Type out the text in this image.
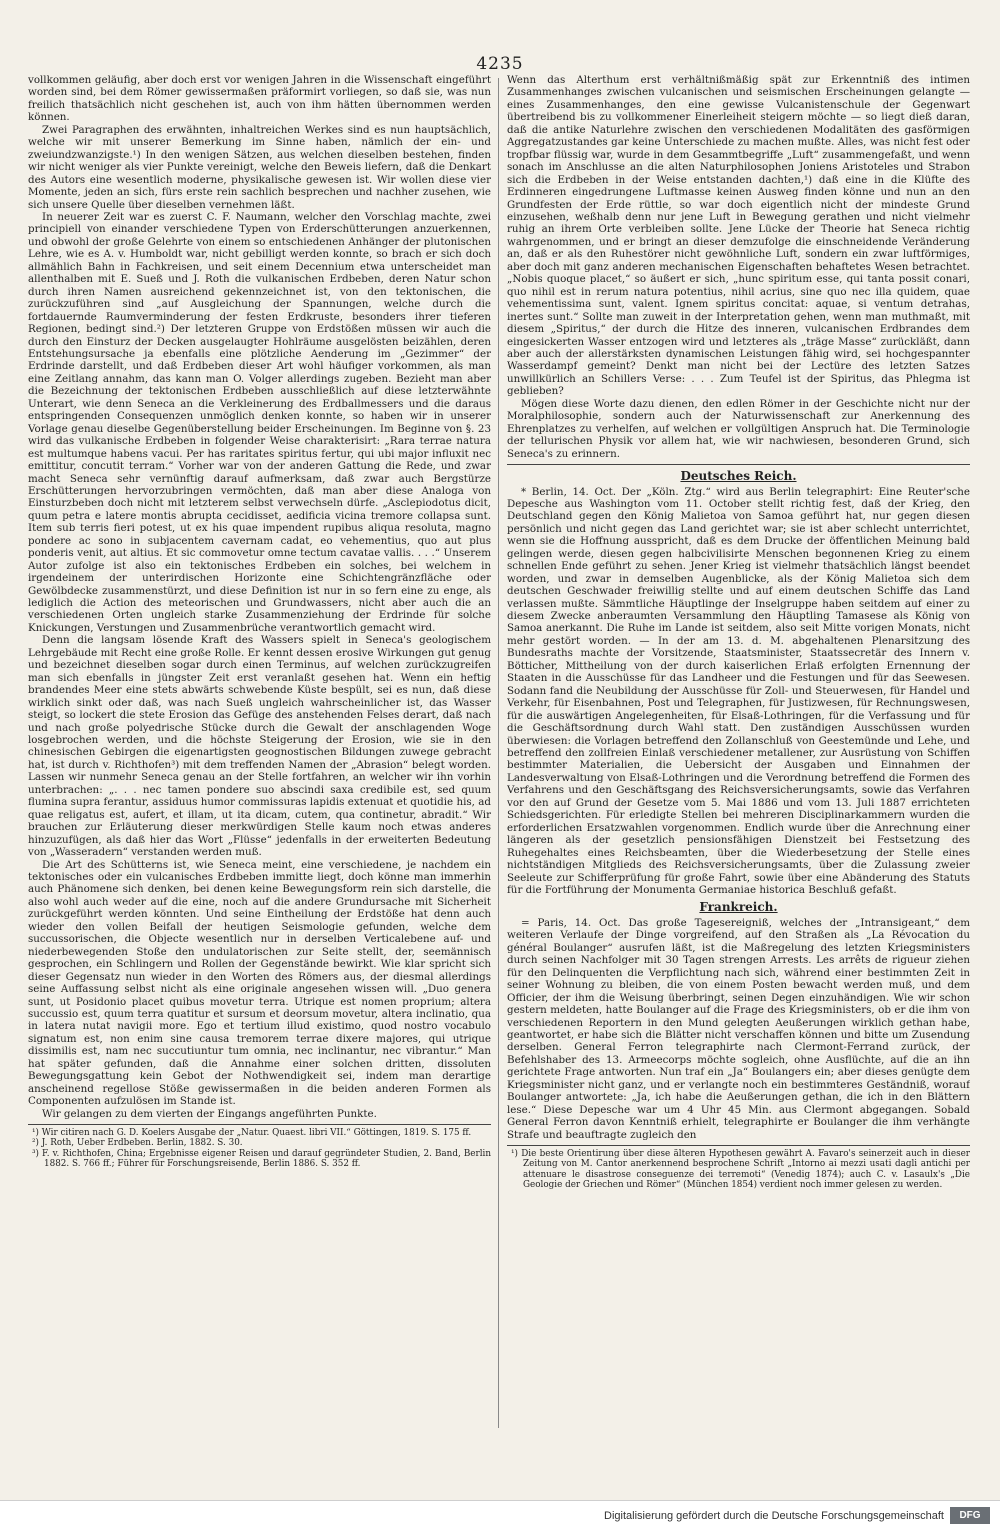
4235

vollkommen geläufig, aber doch erst vor wenigen Jahren in die Wissenschaft eingeführt worden sind, bei dem Römer gewissermaßen präformirt vorliegen, so daß sie, was nun freilich thatsächlich nicht geschehen ist, auch von ihm hätten übernommen werden können.

Zwei Paragraphen des erwähnten, inhaltreichen Werkes sind es nun hauptsächlich, welche wir mit unserer Bemerkung im Sinne haben, nämlich der ein- und zweiundzwanzigste.¹) In den wenigen Sätzen, aus welchen dieselben bestehen, finden wir nicht weniger als vier Punkte vereinigt, welche den Beweis liefern, daß die Denkart des Autors eine wesentlich moderne, physikalische gewesen ist. Wir wollen diese vier Momente, jeden an sich, fürs erste rein sachlich besprechen und nachher zusehen, wie sich unsere Quelle über dieselben vernehmen läßt.

In neuerer Zeit war es zuerst C. F. Naumann, welcher den Vorschlag machte, zwei principiell von einander verschiedene Typen von Erderschütterungen anzuerkennen, und obwohl der große Gelehrte von einem so entschiedenen Anhänger der plutonischen Lehre, wie es A. v. Humboldt war, nicht gebilligt werden konnte, so brach er sich doch allmählich Bahn in Fachkreisen, und seit einem Decennium etwa unterscheidet man allenthalben mit E. Sueß und J. Roth die vulkanischen Erdbeben, deren Natur schon durch ihren Namen ausreichend gekennzeichnet ist, von den tektonischen, die zurückzuführen sind „auf Ausgleichung der Spannungen, welche durch die fortdauernde Raumverminderung der festen Erdkruste, besonders ihrer tieferen Regionen, bedingt sind.²) Der letzteren Gruppe von Erdstößen müssen wir auch die durch den Einsturz der Decken ausgelaugter Hohlräume ausgelösten beizählen, deren Entstehungsursache ja ebenfalls eine plötzliche Aenderung im „Gezimmer“ der Erdrinde darstellt, und daß Erdbeben dieser Art wohl häufiger vorkommen, als man eine Zeitlang annahm, das kann man O. Volger allerdings zugeben. Bezieht man aber die Bezeichnung der tektonischen Erdbeben ausschließlich auf diese letzterwähnte Unterart, wie denn Seneca an die Verkleinerung des Erdballmessers und die daraus entspringenden Consequenzen unmöglich denken konnte, so haben wir in unserer Vorlage genau dieselbe Gegenüberstellung beider Erscheinungen. Im Beginne von §. 23 wird das vulkanische Erdbeben in folgender Weise charakterisirt: „Rara terrae natura est multumque habens vacui. Per has raritates spiritus fertur, qui ubi major influxit nec emittitur, concutit terram.“ Vorher war von der anderen Gattung die Rede, und zwar macht Seneca sehr vernünftig darauf aufmerksam, daß zwar auch Bergstürze Erschütterungen hervorzubringen vermöchten, daß man aber diese Analoga von Einsturzbeben doch nicht mit letzterem selbst verwechseln dürfe. „Asclepiodotus dicit, quum petra e latere montis abrupta cecidisset, aedificia vicina tremore collapsa sunt. Item sub terris fieri potest, ut ex his quae impendent rupibus aliqua resoluta, magno pondere ac sono in subjacentem cavernam cadat, eo vehementius, quo aut plus ponderis venit, aut altius. Et sic commovetur omne tectum cavatae vallis. . . .“ Unserem Autor zufolge ist also ein tektonisches Erdbeben ein solches, bei welchem in irgendeinem der unterirdischen Horizonte eine Schichtengränzfläche oder Gewölbdecke zusammenstürzt, und diese Definition ist nur in so fern eine zu enge, als lediglich die Action des meteorischen und Grundwassers, nicht aber auch die an verschiedenen Orten ungleich starke Zusammenziehung der Erdrinde für solche Knickungen, Verstungen und Zusammenbrüche verantwortlich gemacht wird.

Denn die langsam lösende Kraft des Wassers spielt in Seneca's geologischem Lehrgebäude mit Recht eine große Rolle. Er kennt dessen erosive Wirkungen gut genug und bezeichnet dieselben sogar durch einen Terminus, auf welchen zurückzugreifen man sich ebenfalls in jüngster Zeit erst veranlaßt gesehen hat. Wenn ein heftig brandendes Meer eine stets abwärts schwebende Küste bespült, sei es nun, daß diese wirklich sinkt oder daß, was nach Sueß ungleich wahrscheinlicher ist, das Wasser steigt, so lockert die stete Erosion das Gefüge des anstehenden Felses derart, daß nach und nach große polyedrische Stücke durch die Gewalt der anschlagenden Woge losgebrochen werden, und die höchste Steigerung der Erosion, wie sie in den chinesischen Gebirgen die eigenartigsten geognostischen Bildungen zuwege gebracht hat, ist durch v. Richthofen³) mit dem treffenden Namen der „Abrasion“ belegt worden. Lassen wir nunmehr Seneca genau an der Stelle fortfahren, an welcher wir ihn vorhin unterbrachen: „. . . nec tamen pondere suo abscindi saxa credibile est, sed quum flumina supra ferantur, assiduus humor commissuras lapidis extenuat et quotidie his, ad quae religatus est, aufert, et illam, ut ita dicam, cutem, qua continetur, abradit.“ Wir brauchen zur Erläuterung dieser merkwürdigen Stelle kaum noch etwas anderes hinzuzufügen, als daß hier das Wort „Flüsse“ jedenfalls in der erweiterten Bedeutung von „Wasseradern“ verstanden werden muß.

Die Art des Schütterns ist, wie Seneca meint, eine verschiedene, je nachdem ein tektonisches oder ein vulcanisches Erdbeben immitte liegt, doch könne man immerhin auch Phänomene sich denken, bei denen keine Bewegungsform rein sich darstelle, die also wohl auch weder auf die eine, noch auf die andere Grundursache mit Sicherheit zurückgeführt werden könnten. Und seine Eintheilung der Erdstöße hat denn auch wieder den vollen Beifall der heutigen Seismologie gefunden, welche dem succussorischen, die Objecte wesentlich nur in derselben Verticalebene auf- und niederbewegenden Stoße den undulatorischen zur Seite stellt, der, seemännisch gesprochen, ein Schlingern und Rollen der Gegenstände bewirkt. Wie klar spricht sich dieser Gegensatz nun wieder in den Worten des Römers aus, der diesmal allerdings seine Auffassung selbst nicht als eine originale angesehen wissen will. „Duo genera sunt, ut Posidonio placet quibus movetur terra. Utrique est nomen proprium; altera succussio est, quum terra quatitur et sursum et deorsum movetur, altera inclinatio, qua in latera nutat navigii more. Ego et tertium illud existimo, quod nostro vocabulo signatum est, non enim sine causa tremorem terrae dixere majores, qui utrique dissimilis est, nam nec succutiuntur tum omnia, nec inclinantur, nec vibrantur.“ Man hat später gefunden, daß die Annahme einer solchen dritten, dissoluten Bewegungsgattung kein Gebot der Nothwendigkeit sei, indem man derartige anscheinend regellose Stöße gewissermaßen in die beiden anderen Formen als Componenten aufzulösen im Stande ist.

Wir gelangen zu dem vierten der Eingangs angeführten Punkte.

¹) Wir citiren nach G. D. Koelers Ausgabe der „Natur. Quaest. libri VII.“ Göttingen, 1819. S. 175 ff.
²) J. Roth, Ueber Erdbeben. Berlin, 1882. S. 30.
³) F. v. Richthofen, China; Ergebnisse eigener Reisen und darauf gegründeter Studien, 2. Band, Berlin 1882. S. 766 ff.; Führer für Forschungsreisende, Berlin 1886. S. 352 ff.

Wenn das Alterthum erst verhältnißmäßig spät zur Erkenntniß des intimen Zusammenhanges zwischen vulcanischen und seismischen Erscheinungen gelangte — eines Zusammenhanges, den eine gewisse Vulcanistenschule der Gegenwart übertreibend bis zu vollkommener Einerleiheit steigern möchte — so liegt dieß daran, daß die antike Naturlehre zwischen den verschiedenen Modalitäten des gasförmigen Aggregatzustandes gar keine Unterschiede zu machen mußte. Alles, was nicht fest oder tropfbar flüssig war, wurde in dem Gesammtbegriffe „Luft“ zusammengefaßt, und wenn sonach im Anschlusse an die alten Naturphilosophen Joniens Aristoteles und Strabon sich die Erdbeben in der Weise entstanden dachten,¹) daß eine in die Klüfte des Erdinneren eingedrungene Luftmasse keinen Ausweg finden könne und nun an den Grundfesten der Erde rüttle, so war doch eigentlich nicht der mindeste Grund einzusehen, weßhalb denn nur jene Luft in Bewegung gerathen und nicht vielmehr ruhig an ihrem Orte verbleiben sollte. Jene Lücke der Theorie hat Seneca richtig wahrgenommen, und er bringt an dieser demzufolge die einschneidende Veränderung an, daß er als den Ruhestörer nicht gewöhnliche Luft, sondern ein zwar luftförmiges, aber doch mit ganz anderen mechanischen Eigenschaften behaftetes Wesen betrachtet. „Nobis quoque placet,“ so äußert er sich, „hunc spiritum esse, qui tanta possit conari, quo nihil est in rerum natura potentius, nihil acrius, sine quo nec illa quidem, quae vehementissima sunt, valent. Ignem spiritus concitat: aquae, si ventum detrahas, inertes sunt.“ Sollte man zuweit in der Interpretation gehen, wenn man muthmaßt, mit diesem „Spiritus,“ der durch die Hitze des inneren, vulcanischen Erdbrandes dem eingesickerten Wasser entzogen wird und letzteres als „träge Masse“ zurückläßt, dann aber auch der allerstärksten dynamischen Leistungen fähig wird, sei hochgespannter Wasserdampf gemeint? Denkt man nicht bei der Lectüre des letzten Satzes unwillkürlich an Schillers Verse: . . . Zum Teufel ist der Spiritus, das Phlegma ist geblieben?

Mögen diese Worte dazu dienen, den edlen Römer in der Geschichte nicht nur der Moralphilosophie, sondern auch der Naturwissenschaft zur Anerkennung des Ehrenplatzes zu verhelfen, auf welchen er vollgültigen Anspruch hat. Die Terminologie der tellurischen Physik vor allem hat, wie wir nachwiesen, besonderen Grund, sich Seneca's zu erinnern.

Deutsches Reich.

* Berlin, 14. Oct. Der „Köln. Ztg.“ wird aus Berlin telegraphirt: Eine Reuter'sche Depesche aus Washington vom 11. October stellt richtig fest, daß der Krieg, den Deutschland gegen den König Malietoa von Samoa geführt hat, nur gegen diesen persönlich und nicht gegen das Land gerichtet war; sie ist aber schlecht unterrichtet, wenn sie die Hoffnung ausspricht, daß es dem Drucke der öffentlichen Meinung bald gelingen werde, diesen gegen halbcivilisirte Menschen begonnenen Krieg zu einem schnellen Ende geführt zu sehen. Jener Krieg ist vielmehr thatsächlich längst beendet worden, und zwar in demselben Augenblicke, als der König Malietoa sich dem deutschen Geschwader freiwillig stellte und auf einem deutschen Schiffe das Land verlassen mußte. Sämmtliche Häuptlinge der Inselgruppe haben seitdem auf einer zu diesem Zwecke anberaumten Versammlung den Häuptling Tamasese als König von Samoa anerkannt. Die Ruhe im Lande ist seitdem, also seit Mitte vorigen Monats, nicht mehr gestört worden. — In der am 13. d. M. abgehaltenen Plenarsitzung des Bundesraths machte der Vorsitzende, Staatsminister, Staatssecretär des Innern v. Bötticher, Mittheilung von der durch kaiserlichen Erlaß erfolgten Ernennung der Staaten in die Ausschüsse für das Landheer und die Festungen und für das Seewesen. Sodann fand die Neubildung der Ausschüsse für Zoll- und Steuerwesen, für Handel und Verkehr, für Eisenbahnen, Post und Telegraphen, für Justizwesen, für Rechnungswesen, für die auswärtigen Angelegenheiten, für Elsaß-Lothringen, für die Verfassung und für die Geschäftsordnung durch Wahl statt. Den zuständigen Ausschüssen wurden überwiesen: die Vorlagen betreffend den Zollanschluß von Geestemünde und Lehe, und betreffend den zollfreien Einlaß verschiedener metallener, zur Ausrüstung von Schiffen bestimmter Materialien, die Uebersicht der Ausgaben und Einnahmen der Landesverwaltung von Elsaß-Lothringen und die Verordnung betreffend die Formen des Verfahrens und den Geschäftsgang des Reichsversicherungsamts, sowie das Verfahren vor den auf Grund der Gesetze vom 5. Mai 1886 und vom 13. Juli 1887 errichteten Schiedsgerichten. Für erledigte Stellen bei mehreren Disciplinarkammern wurden die erforderlichen Ersatzwahlen vorgenommen. Endlich wurde über die Anrechnung einer längeren als der gesetzlich pensionsfähigen Dienstzeit bei Festsetzung des Ruhegehaltes eines Reichsbeamten, über die Wiederbesetzung der Stelle eines nichtständigen Mitglieds des Reichsversicherungsamts, über die Zulassung zweier Seeleute zur Schifferprüfung für große Fahrt, sowie über eine Abänderung des Statuts für die Fortführung der Monumenta Germaniae historica Beschluß gefaßt.

Frankreich.

= Paris, 14. Oct. Das große Tagesereigniß, welches der „Intransigeant,“ dem weiteren Verlaufe der Dinge vorgreifend, auf den Straßen als „La Révocation du général Boulanger“ ausrufen läßt, ist die Maßregelung des letzten Kriegsministers durch seinen Nachfolger mit 30 Tagen strengen Arrests. Les arrêts de rigueur ziehen für den Delinquenten die Verpflichtung nach sich, während einer bestimmten Zeit in seiner Wohnung zu bleiben, die von einem Posten bewacht werden muß, und dem Officier, der ihm die Weisung überbringt, seinen Degen einzuhändigen. Wie wir schon gestern meldeten, hatte Boulanger auf die Frage des Kriegsministers, ob er die ihm von verschiedenen Reportern in den Mund gelegten Aeußerungen wirklich gethan habe, geantwortet, er habe sich die Blätter nicht verschaffen können und bitte um Zusendung derselben. General Ferron telegraphirte nach Clermont-Ferrand zurück, der Befehlshaber des 13. Armeecorps möchte sogleich, ohne Ausflüchte, auf die an ihn gerichtete Frage antworten. Nun traf ein „Ja“ Boulangers ein; aber dieses genügte dem Kriegsminister nicht ganz, und er verlangte noch ein bestimmteres Geständniß, worauf Boulanger antwortete: „Ja, ich habe die Aeußerungen gethan, die ich in den Blättern lese.“ Diese Depesche war um 4 Uhr 45 Min. aus Clermont abgegangen. Sobald General Ferron davon Kenntniß erhielt, telegraphirte er Boulanger die ihm verhängte Strafe und beauftragte zugleich den

¹) Die beste Orientirung über diese älteren Hypothesen gewährt A. Favaro's seinerzeit auch in dieser Zeitung von M. Cantor anerkennend besprochene Schrift „Intorno ai mezzi usati dagli antichi per attenuare le disastrose conseguenze dei terremoti“ (Venedig 1874); auch C. v. Lasaulx's „Die Geologie der Griechen und Römer“ (München 1854) verdient noch immer gelesen zu werden.
Digitalisierung gefördert durch die Deutsche Forschungsgemeinschaft	DFG
